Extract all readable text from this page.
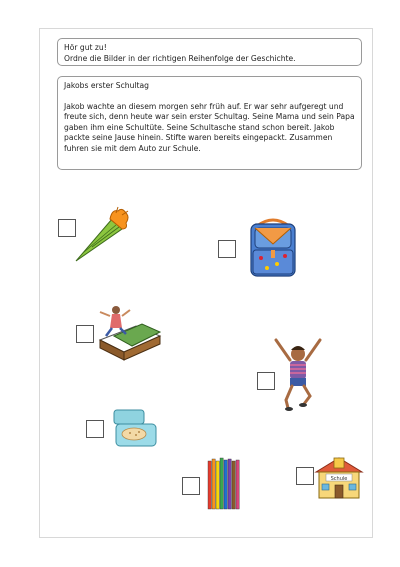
Hör gut zu!
Ordne die Bilder in der richtigen Reihenfolge der Geschichte.
Jakobs erster Schultag
Jakob wachte an diesem morgen sehr früh auf. Er war sehr aufgeregt und freute sich, denn heute war sein erster Schultag. Seine Mama und sein Papa gaben ihm eine Schultüte. Seine Schultasche stand schon bereit. Jakob packte seine Jause hinein. Stifte waren bereits eingepackt. Zusammen fuhren sie mit dem Auto zur Schule.
Schule
